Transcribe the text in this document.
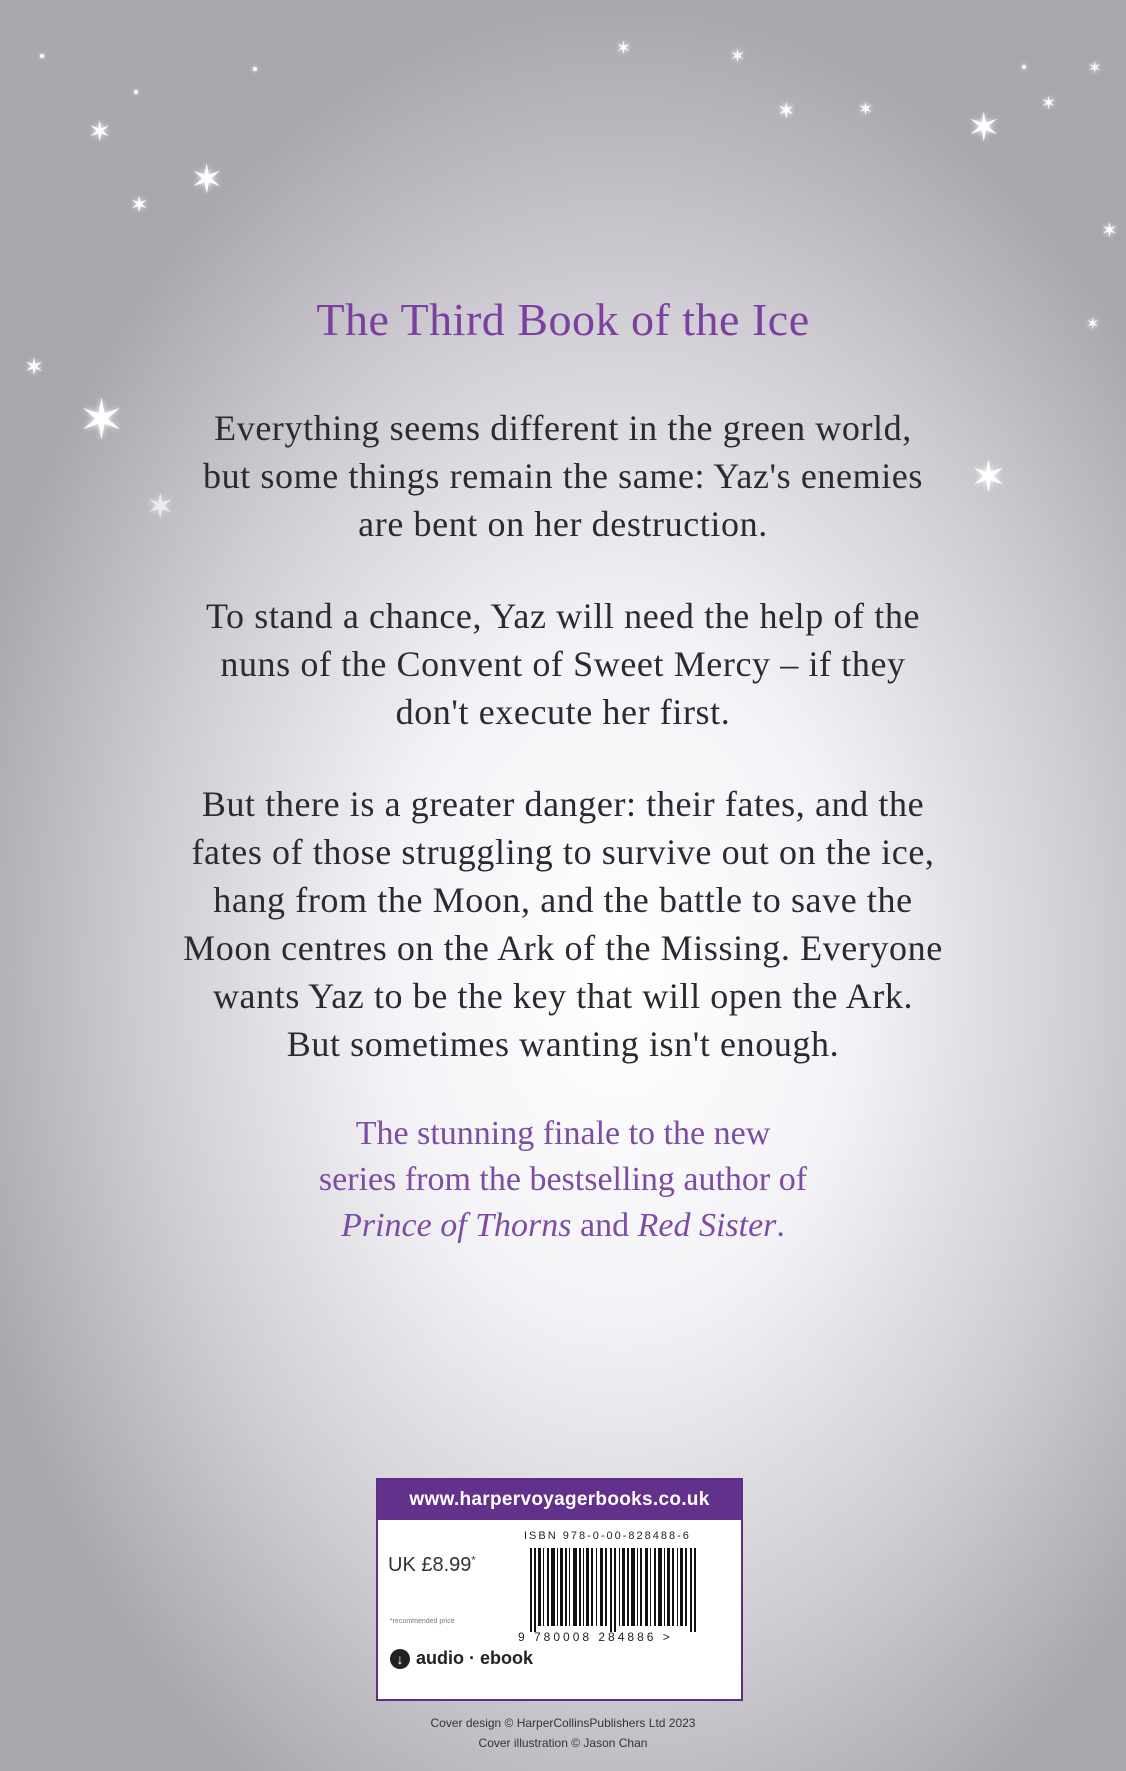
✶
✶
✶
✶
✶
✶
✶	✶ ✶
✶
✶
✶
✶
✶	✶
✶
The Third Book of the Ice

Everything seems different in the green world,
but some things remain the same: Yaz's enemies
are bent on her destruction.

To stand a chance, Yaz will need the help of the
nuns of the Convent of Sweet Mercy – if they
don't execute her first.

But there is a greater danger: their fates, and the
fates of those struggling to survive out on the ice,
hang from the Moon, and the battle to save the
Moon centres on the Ark of the Missing. Everyone
wants Yaz to be the key that will open the Ark.
But sometimes wanting isn't enough.

The stunning finale to the new
series from the bestselling author of
Prince of Thorns and Red Sister.

www.harpervoyagerbooks.co.uk
UK £8.99*
*recommended price
ISBN 978-0-00-828488-6
9 780008 284886 >
↓ audio · ebook
Cover design © HarperCollinsPublishers Ltd 2023
Cover illustration © Jason Chan
